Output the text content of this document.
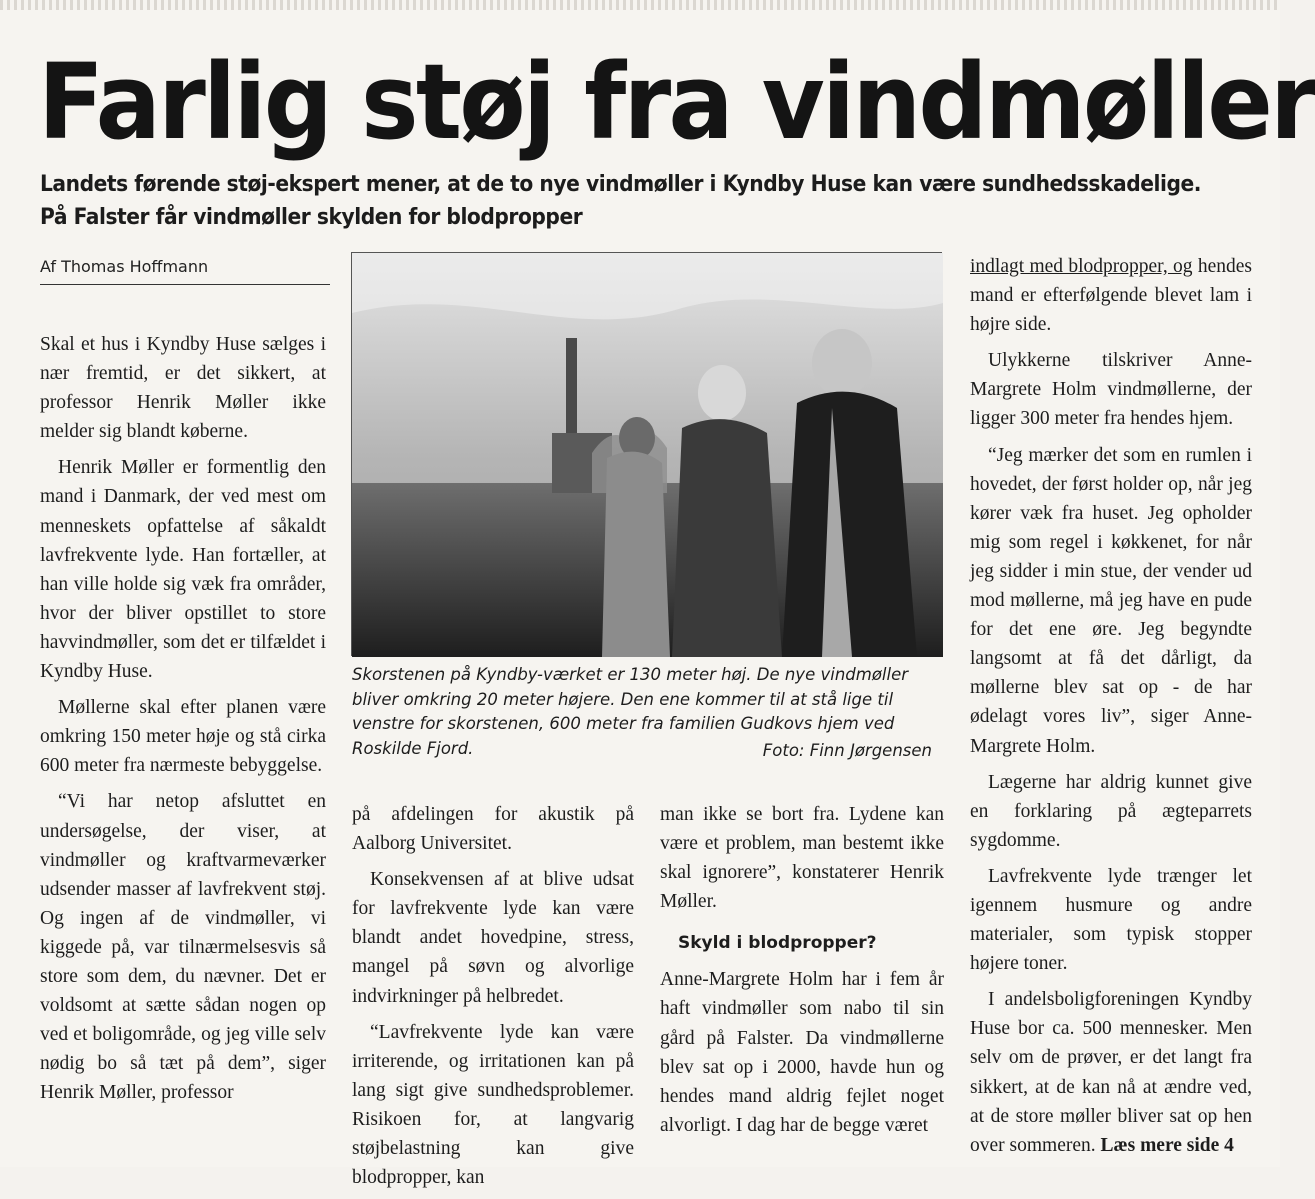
Farlig støj fra vindmøller
Landets førende støj-ekspert mener, at de to nye vindmøller i Kyndby Huse kan være sundhedsskadelige.
På Falster får vindmøller skylden for blodpropper
Af Thomas Hoffmann

Skal et hus i Kyndby Huse sælges i nær fremtid, er det sikkert, at professor Henrik Møller ikke melder sig blandt køberne.

Henrik Møller er formentlig den mand i Danmark, der ved mest om menneskets opfattelse af såkaldt lavfrekvente lyde. Han fortæller, at han ville holde sig væk fra områder, hvor der bliver opstillet to store havvindmøller, som det er tilfældet i Kyndby Huse.

Møllerne skal efter planen være omkring 150 meter høje og stå cirka 600 meter fra nærmeste bebyggelse.

“Vi har netop afsluttet en undersøgelse, der viser, at vindmøller og kraftvarmeværker udsender masser af lavfrekvent støj. Og ingen af de vindmøller, vi kiggede på, var tilnærmelsesvis så store som dem, du nævner. Det er voldsomt at sætte sådan nogen op ved et boligområde, og jeg ville selv nødig bo så tæt på dem”, siger Henrik Møller, professor

Skorstenen på Kyndby-værket er 130 meter høj. De nye vindmøller bliver omkring 20 meter højere. Den ene kommer til at stå lige til venstre for skorstenen, 600 meter fra familien Gudkovs hjem ved Roskilde Fjord.	Foto: Finn Jørgensen

på afdelingen for akustik på Aalborg Universitet.

Konsekvensen af at blive udsat for lavfrekvente lyde kan være blandt andet hovedpine, stress, mangel på søvn og alvorlige indvirkninger på helbredet.

“Lavfrekvente lyde kan være irriterende, og irritationen kan på lang sigt give sundhedsproblemer. Risikoen for, at langvarig støjbelastning kan give blodpropper, kan

man ikke se bort fra. Lydene kan være et problem, man bestemt ikke skal ignorere”, konstaterer Henrik Møller.

Skyld i blodpropper?

Anne-Margrete Holm har i fem år haft vindmøller som nabo til sin gård på Falster. Da vindmøllerne blev sat op i 2000, havde hun og hendes mand aldrig fejlet noget alvorligt. I dag har de begge været

indlagt med blodpropper, og hendes mand er efterfølgende blevet lam i højre side.

Ulykkerne tilskriver Anne-Margrete Holm vindmøllerne, der ligger 300 meter fra hendes hjem.

“Jeg mærker det som en rumlen i hovedet, der først holder op, når jeg kører væk fra huset. Jeg opholder mig som regel i køkkenet, for når jeg sidder i min stue, der vender ud mod møllerne, må jeg have en pude for det ene øre. Jeg begyndte langsomt at få det dårligt, da møllerne blev sat op - de har ødelagt vores liv”, siger Anne-Margrete Holm.

Lægerne har aldrig kunnet give en forklaring på ægteparrets sygdomme.

Lavfrekvente lyde trænger let igennem husmure og andre materialer, som typisk stopper højere toner.

I andelsboligforeningen Kyndby Huse bor ca. 500 mennesker. Men selv om de prøver, er det langt fra sikkert, at de kan nå at ændre ved, at de store møller bliver sat op hen over sommeren. Læs mere side 4
